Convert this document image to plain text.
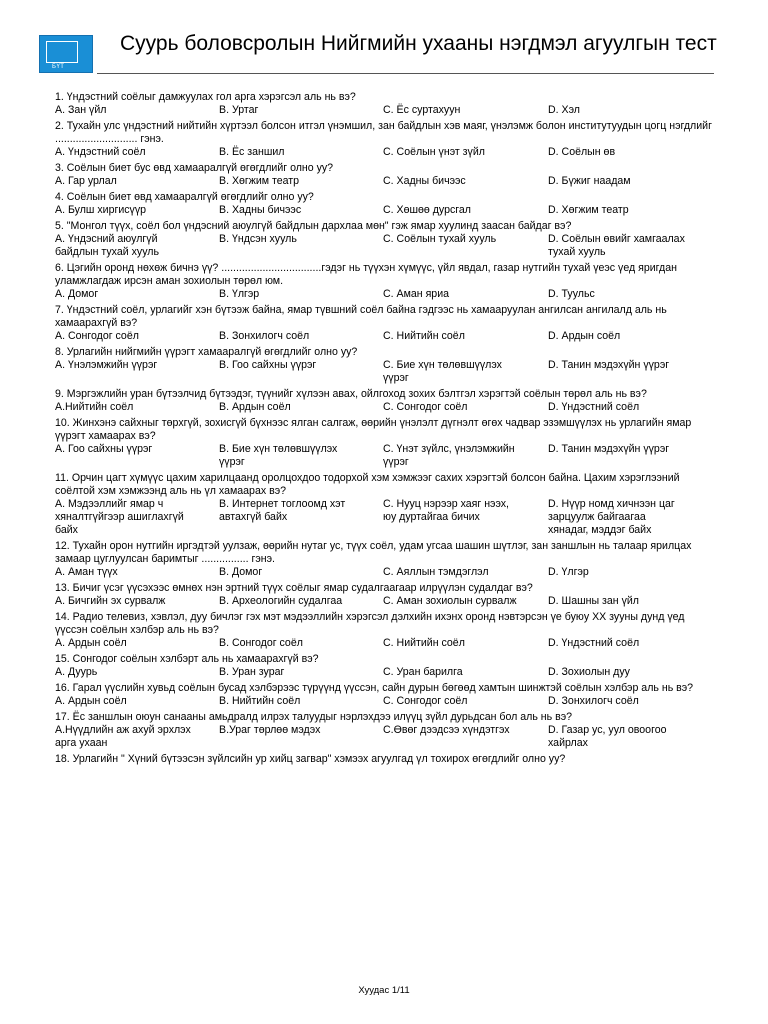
БҮТ
Суурь боловсролын Нийгмийн ухааны нэгдмэл агуулгын тест
1. Үндэстний соёлыг дамжуулах гол арга хэрэгсэл аль нь вэ?
A. Зан үйл	B. Уртаг	C. Ёс суртахуун	D. Хэл
2. Тухайн улс үндэстний нийтийн хүртээл болсон итгэл үнэмшил, зан байдлын хэв маяг, үнэлэмж болон институтуудын цогц нэгдлийг ............................ гэнэ.
A. Үндэстний соёл	B. Ёс заншил	C. Соёлын үнэт зүйл	D. Соёлын өв
3. Соёлын биет бус өвд хамааралгүй өгөгдлийг олно уу?
A. Гар урлал	B. Хөгжим театр	C. Хадны бичээс	D. Бүжиг наадам
4. Соёлын биет өвд хамааралгүй өгөгдлийг олно уу?
A. Булш хиргисүүр	B. Хадны бичээс	C. Хөшөө дурсгал	D. Хөгжим театр
5. "Монгол түүх, соёл бол үндэсний аюулгүй байдлын дархлаа мөн" гэж ямар хуулинд заасан байдаг вэ?
A. Үндэсний аюулгүй
байдлын тухай хууль
B. Үндсэн хууль	C. Соёлын тухай хууль	D. Соёлын өвийг хамгаалах
тухай хууль
6. Цэгийн оронд нөхөж бичнэ үү? ..................................гэдэг нь түүхэн хүмүүс, үйл явдал, газар нутгийн тухай үеэс үед яригдан уламжлагдаж ирсэн аман зохиолын төрөл юм.
A. Домог	B. Үлгэр	C. Аман яриа	D. Туульс
7. Үндэстний соёл, урлагийг хэн бүтээж байна, ямар түвшний соёл байна гэдгээс нь хамааруулан ангилсан ангилалд аль нь хамаарахгүй вэ?
A. Сонгодог соёл	B. Зонхилогч соёл	C. Нийтийн соёл	D. Ардын соёл
8. Урлагийн нийгмийн үүрэгт хамааралгүй өгөгдлийг олно уу?
A. Үнэлэмжийн үүрэг	B. Гоо сайхны үүрэг	C. Бие хүн төлөвшүүлэх
үүрэг
D. Танин мэдэхүйн үүрэг
9. Мэргэжлийн уран бүтээлчид бүтээдэг, түүнийг хүлээн авах, ойлгоход зохих бэлтгэл хэрэгтэй соёлын төрөл аль нь вэ?
A.Нийтийн соёл	B. Ардын соёл	C. Сонгодог соёл	D. Үндэстний соёл
10. Жинхэнэ сайхныг төрхгүй, зохисгүй бүхнээс ялган салгаж, өөрийн үнэлэлт дүгнэлт өгөх чадвар эзэмшүүлэх нь урлагийн ямар үүрэгт хамаарах вэ?
A. Гоо сайхны үүрэг	B. Бие хүн төлөвшүүлэх
үүрэг
C. Үнэт зүйлс, үнэлэмжийн
үүрэг
D. Танин мэдэхүйн үүрэг
11. Орчин цагт хүмүүс цахим харилцаанд оролцохдоо тодорхой хэм хэмжээг сахих хэрэгтэй болсон байна. Цахим хэрэглээний соёлтой хэм хэмжээнд аль нь үл хамаарах вэ?
A. Мэдээллийг ямар ч
хяналтгүйгээр ашиглахгүй
байх
B. Интернет тоглоомд хэт
автахгүй байх
C. Нууц нэрээр хаяг нээх,
юу дуртайгаа бичих
D. Нүүр номд хичнээн цаг
зарцуулж байгаагаа
хянадаг, мэддэг байх
12. Тухайн орон нутгийн иргэдтэй уулзаж, өөрийн нутаг ус, түүх соёл, удам угсаа шашин шүтлэг, зан заншлын нь талаар ярилцах замаар цуглуулсан баримтыг ................ гэнэ.
A. Аман түүх	B. Домог	C. Аяллын тэмдэглэл	D. Үлгэр
13. Бичиг үсэг үүсэхээс өмнөх нэн эртний түүх соёлыг ямар судалгаагаар илрүүлэн судалдаг вэ?
A. Бичгийн эх сурвалж	B. Археологийн судалгаа	C. Аман зохиолын сурвалж	D. Шашны зан үйл
14. Радио телевиз, хэвлэл, дуу бичлэг гэх мэт мэдээллийн хэрэгсэл дэлхийн ихэнх оронд нэвтэрсэн үе буюу XX зууны дунд үед үүссэн соёлын хэлбэр аль нь вэ?
A. Ардын соёл	B. Сонгодог соёл	C. Нийтийн соёл	D. Үндэстний соёл
15. Сонгодог соёлын хэлбэрт аль нь хамаарахгүй вэ?
A. Дуурь	B. Уран зураг	C. Уран барилга	D. Зохиолын дуу
16. Гарал үүслийн хувьд соёлын бусад хэлбэрээс түрүүнд үүссэн, сайн дурын бөгөөд хамтын шинжтэй соёлын хэлбэр аль нь вэ?
A. Ардын соёл	B. Нийтийн соёл	C. Сонгодог соёл	D. Зонхилогч соёл
17. Ёс заншлын оюун санааны амьдралд илрэх талуудыг нэрлэхдээ илүүц зүйл дурьдсан бол аль нь вэ?
A.Нүүдлийн аж ахуй эрхлэх
арга ухаан
B.Ураг төрлөө мэдэх	C.Өвөг дээдсээ хүндэтгэх	D. Газар ус, уул овоогоо
хайрлах
18. Урлагийн " Хүний бүтээсэн зүйлсийн ур хийц загвар" хэмээх агуулгад үл тохирох өгөгдлийг олно уу?
Хуудас 1/11
